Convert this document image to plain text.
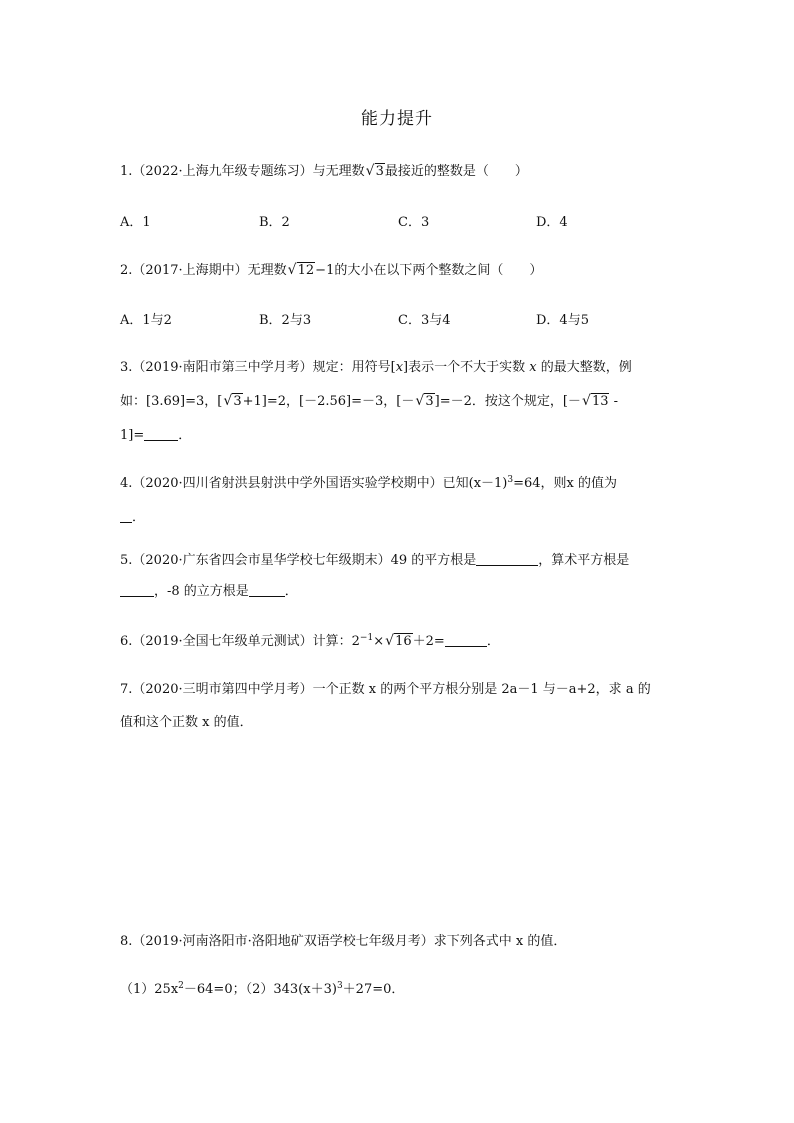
能力提升
1.（2022·上海九年级专题练习）与无理数 √ 3最接近的整数是（　　）
A．1	B．2	C．3	D．4
2.（2017·上海期中）无理数 √ 12−1的大小在以下两个整数之间（　　）
A．1与2	B．2与3	C．3与4	D．4与5
3.（2019·南阳市第三中学月考）规定：用符号[x]表示一个不大于实数 x 的最大整数，例
如：[3.69]=3，[ √ 3+1]=2，[－2.56]=－3，[－ √ 3]=－2．按这个规定，[－ √ 13 -
1]=	．
4.（2020·四川省射洪县射洪中学外国语实验学校期中）已知$(x-1)^3=64$，则x 的值为
．
5.（2020·广东省四会市星华学校七年级期末）49 的平方根是	，算术平方根是
，-8 的立方根是	．
6.（2019·全国七年级单元测试）计算：$2^{-1}\times$ √ 16＋2=	．
7.（2020·三明市第四中学月考）一个正数 x 的两个平方根分别是 2a－1 与－a+2，求 a 的
值和这个正数 x 的值．
8.（2019·河南洛阳市·洛阳地矿双语学校七年级月考）求下列各式中 x 的值．
$(1)25x^2-64=0$；$(2)343(x+3)^3+27=0$．
